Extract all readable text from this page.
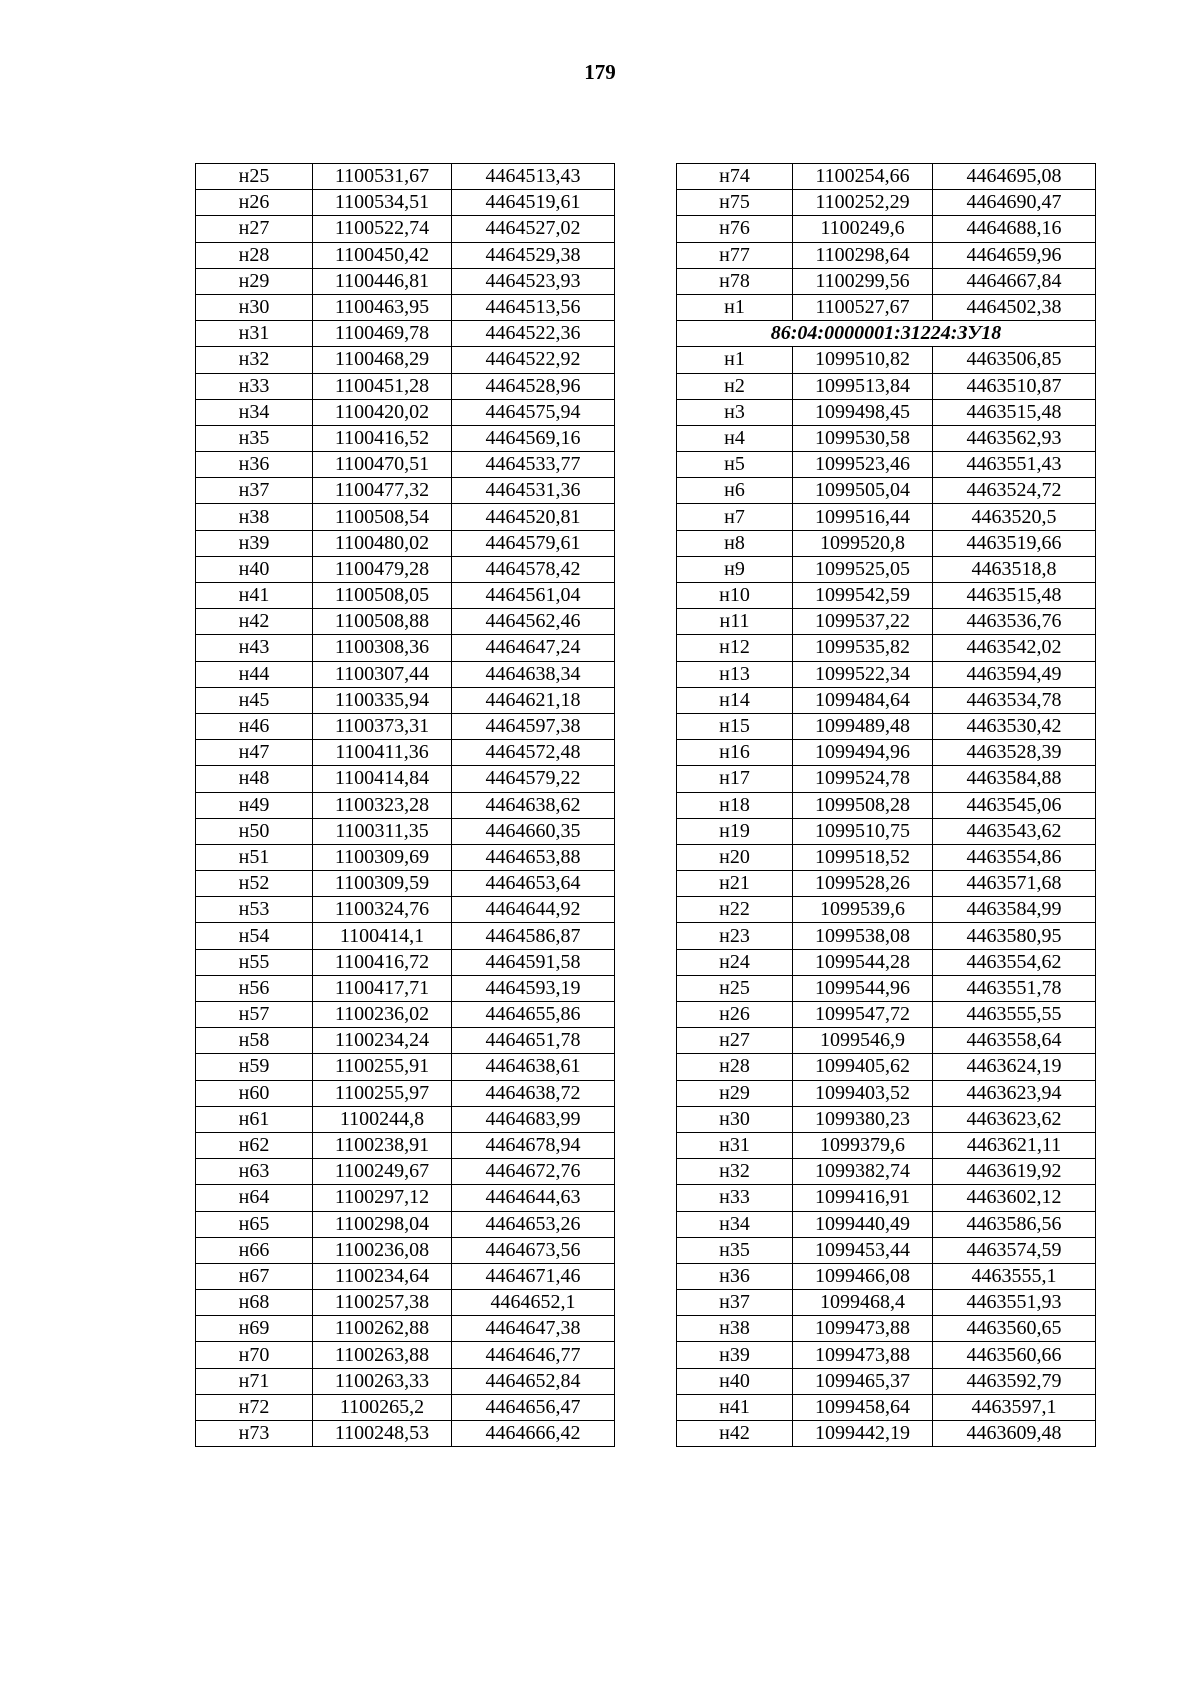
179
н25	1100531,67	4464513,43
н26	1100534,51	4464519,61
н27	1100522,74	4464527,02
н28	1100450,42	4464529,38
н29	1100446,81	4464523,93
н30	1100463,95	4464513,56
н31	1100469,78	4464522,36
н32	1100468,29	4464522,92
н33	1100451,28	4464528,96
н34	1100420,02	4464575,94
н35	1100416,52	4464569,16
н36	1100470,51	4464533,77
н37	1100477,32	4464531,36
н38	1100508,54	4464520,81
н39	1100480,02	4464579,61
н40	1100479,28	4464578,42
н41	1100508,05	4464561,04
н42	1100508,88	4464562,46
н43	1100308,36	4464647,24
н44	1100307,44	4464638,34
н45	1100335,94	4464621,18
н46	1100373,31	4464597,38
н47	1100411,36	4464572,48
н48	1100414,84	4464579,22
н49	1100323,28	4464638,62
н50	1100311,35	4464660,35
н51	1100309,69	4464653,88
н52	1100309,59	4464653,64
н53	1100324,76	4464644,92
н54	1100414,1	4464586,87
н55	1100416,72	4464591,58
н56	1100417,71	4464593,19
н57	1100236,02	4464655,86
н58	1100234,24	4464651,78
н59	1100255,91	4464638,61
н60	1100255,97	4464638,72
н61	1100244,8	4464683,99
н62	1100238,91	4464678,94
н63	1100249,67	4464672,76
н64	1100297,12	4464644,63
н65	1100298,04	4464653,26
н66	1100236,08	4464673,56
н67	1100234,64	4464671,46
н68	1100257,38	4464652,1
н69	1100262,88	4464647,38
н70	1100263,88	4464646,77
н71	1100263,33	4464652,84
н72	1100265,2	4464656,47
н73	1100248,53	4464666,42
н74	1100254,66	4464695,08
н75	1100252,29	4464690,47
н76	1100249,6	4464688,16
н77	1100298,64	4464659,96
н78	1100299,56	4464667,84
н1	1100527,67	4464502,38
86:04:0000001:31224:ЗУ18		
н1	1099510,82	4463506,85
н2	1099513,84	4463510,87
н3	1099498,45	4463515,48
н4	1099530,58	4463562,93
н5	1099523,46	4463551,43
н6	1099505,04	4463524,72
н7	1099516,44	4463520,5
н8	1099520,8	4463519,66
н9	1099525,05	4463518,8
н10	1099542,59	4463515,48
н11	1099537,22	4463536,76
н12	1099535,82	4463542,02
н13	1099522,34	4463594,49
н14	1099484,64	4463534,78
н15	1099489,48	4463530,42
н16	1099494,96	4463528,39
н17	1099524,78	4463584,88
н18	1099508,28	4463545,06
н19	1099510,75	4463543,62
н20	1099518,52	4463554,86
н21	1099528,26	4463571,68
н22	1099539,6	4463584,99
н23	1099538,08	4463580,95
н24	1099544,28	4463554,62
н25	1099544,96	4463551,78
н26	1099547,72	4463555,55
н27	1099546,9	4463558,64
н28	1099405,62	4463624,19
н29	1099403,52	4463623,94
н30	1099380,23	4463623,62
н31	1099379,6	4463621,11
н32	1099382,74	4463619,92
н33	1099416,91	4463602,12
н34	1099440,49	4463586,56
н35	1099453,44	4463574,59
н36	1099466,08	4463555,1
н37	1099468,4	4463551,93
н38	1099473,88	4463560,65
н39	1099473,88	4463560,66
н40	1099465,37	4463592,79
н41	1099458,64	4463597,1
н42	1099442,19	4463609,48
